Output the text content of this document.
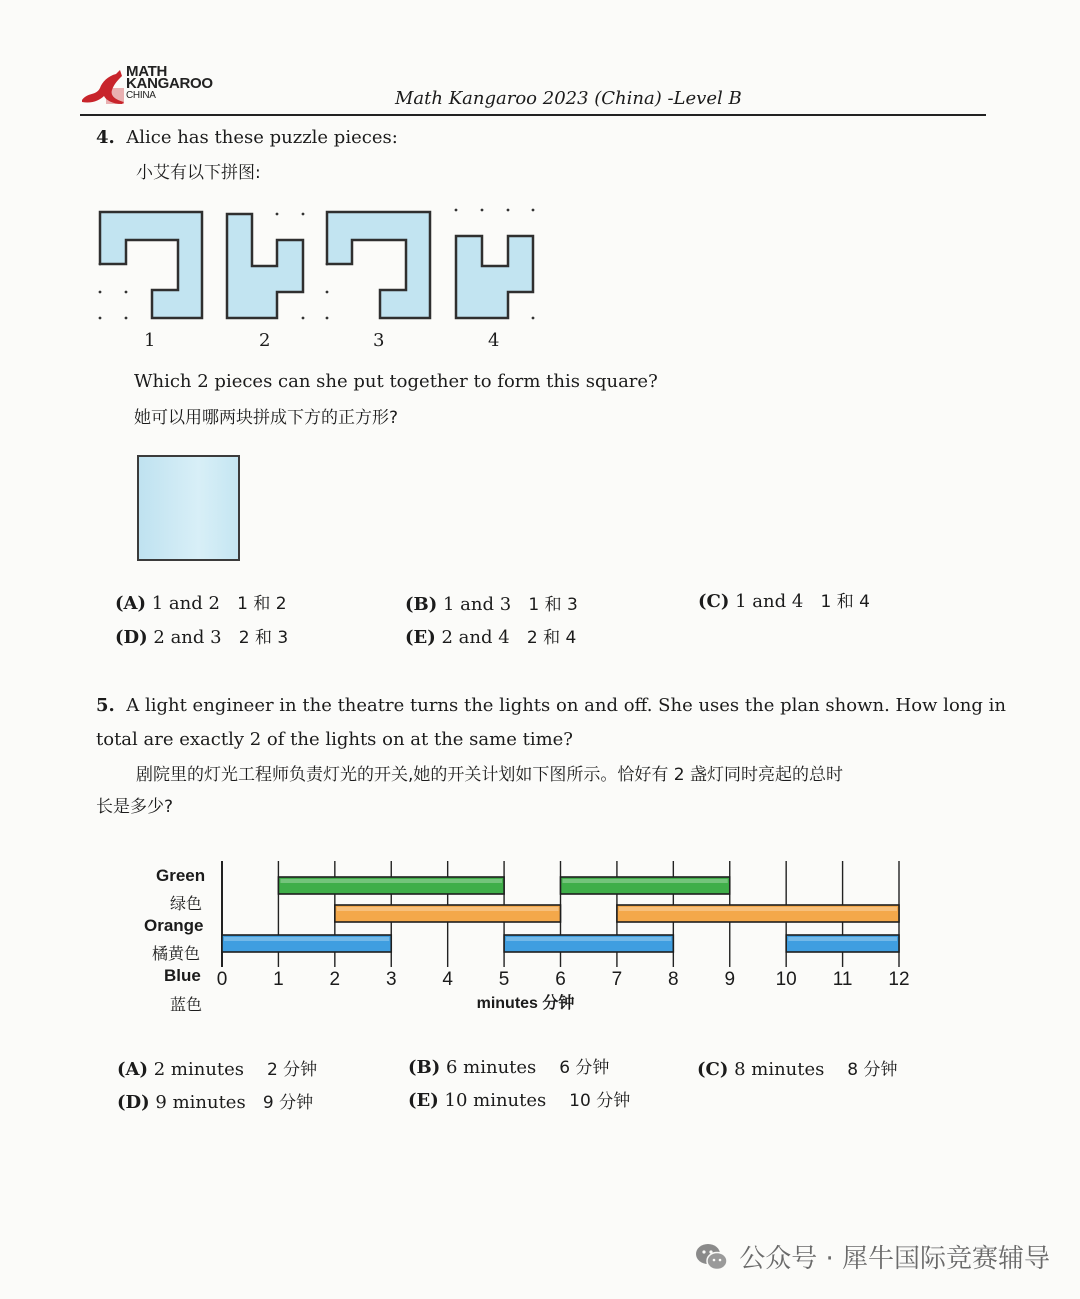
MATH
KANGAROO
CHINA	Math Kangaroo 2023 (China) -Level B
4. Alice has these puzzle pieces:
小艾有以下拼图:
1	2	3	4
Which 2 pieces can she put together to form this square?
她可以用哪两块拼成下方的正方形?
(A) 1 and 2 1 和 2	(B) 1 and 3 1 和 3	(C) 1 and 4 1 和 4
(D) 2 and 3 2 和 3	(E) 2 and 4 2 和 4
5. A light engineer in the theatre turns the lights on and off. She uses the plan shown. How long in
total are exactly 2 of the lights on at the same time?
剧院里的灯光工程师负责灯光的开关,她的开关计划如下图所示。恰好有 2 盏灯同时亮起的总时
长是多少?
Green
绿色
Orange
橘黄色
Blue
蓝色
0 1 2 3 4 5 6 7 8 9 10 11 12
minutes 分钟
(A) 2 minutes 2 分钟	(B) 6 minutes 6 分钟	(C) 8 minutes 8 分钟
(D) 9 minutes 9 分钟	(E) 10 minutes 10 分钟
公众号 · 犀牛国际竞赛辅导
